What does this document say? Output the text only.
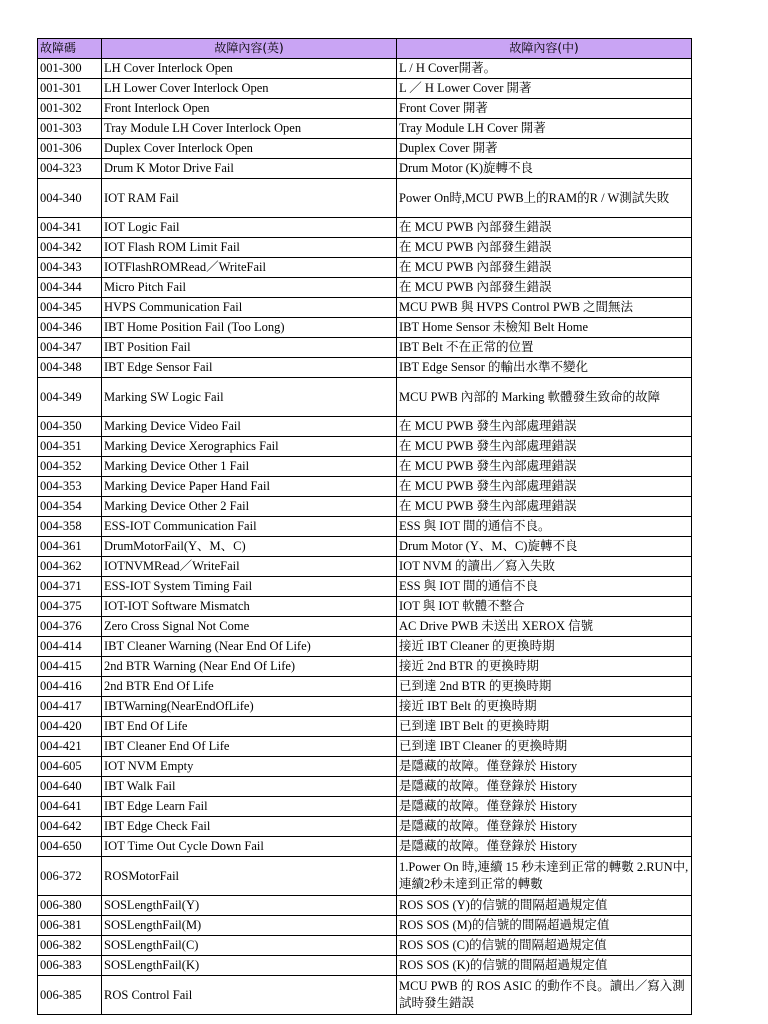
故障碼	故障內容(英)	故障內容(中)
001-300	LH Cover Interlock Open	L / H Cover開著。
001-301	LH Lower Cover Interlock Open	L ／ H Lower Cover 開著
001-302	Front Interlock Open	Front Cover 開著
001-303	Tray Module LH Cover Interlock Open	Tray Module LH Cover 開著
001-306	Duplex Cover Interlock Open	Duplex Cover 開著
004-323	Drum K Motor Drive Fail	Drum Motor (K)旋轉不良
004-340	IOT RAM Fail	Power On時,MCU PWB上的RAM的R / W測試失敗
004-341	IOT Logic Fail	在 MCU PWB 內部發生錯誤
004-342	IOT Flash ROM Limit Fail	在 MCU PWB 內部發生錯誤
004-343	IOTFlashROMRead／WriteFail	在 MCU PWB 內部發生錯誤
004-344	Micro Pitch Fail	在 MCU PWB 內部發生錯誤
004-345	HVPS Communication Fail	MCU PWB 與 HVPS Control PWB 之間無法
004-346	IBT Home Position Fail (Too Long)	IBT Home Sensor 未檢知 Belt Home
004-347	IBT Position Fail	IBT Belt 不在正常的位置
004-348	IBT Edge Sensor Fail	IBT Edge Sensor 的輸出水準不變化
004-349	Marking SW Logic Fail	MCU PWB 內部的 Marking 軟體發生致命的故障
004-350	Marking Device Video Fail	在 MCU PWB 發生內部處理錯誤
004-351	Marking Device Xerographics Fail	在 MCU PWB 發生內部處理錯誤
004-352	Marking Device Other 1 Fail	在 MCU PWB 發生內部處理錯誤
004-353	Marking Device Paper Hand Fail	在 MCU PWB 發生內部處理錯誤
004-354	Marking Device Other 2 Fail	在 MCU PWB 發生內部處理錯誤
004-358	ESS-IOT Communication Fail	ESS 與 IOT 間的通信不良。
004-361	DrumMotorFail(Y、M、C)	Drum Motor (Y、M、C)旋轉不良
004-362	IOTNVMRead／WriteFail	IOT NVM 的讀出／寫入失敗
004-371	ESS-IOT System Timing Fail	ESS 與 IOT 間的通信不良
004-375	IOT-IOT Software Mismatch	IOT 與 IOT 軟體不整合
004-376	Zero Cross Signal Not Come	AC Drive PWB 未送出 XEROX 信號
004-414	IBT Cleaner Warning (Near End Of Life)	接近 IBT Cleaner 的更換時期
004-415	2nd BTR Warning (Near End Of Life)	接近 2nd BTR 的更換時期
004-416	2nd BTR End Of Life	已到達 2nd BTR 的更換時期
004-417	IBTWarning(NearEndOfLife)	接近 IBT Belt 的更換時期
004-420	IBT End Of Life	已到達 IBT Belt 的更換時期
004-421	IBT Cleaner End Of Life	已到達 IBT Cleaner 的更換時期
004-605	IOT NVM Empty	是隱藏的故障。僅登錄於 History
004-640	IBT Walk Fail	是隱藏的故障。僅登錄於 History
004-641	IBT Edge Learn Fail	是隱藏的故障。僅登錄於 History
004-642	IBT Edge Check Fail	是隱藏的故障。僅登錄於 History
004-650	IOT Time Out Cycle Down Fail	是隱藏的故障。僅登錄於 History
006-372	ROSMotorFail	1.Power On 時,連續 15 秒未達到正常的轉數 2.RUN中,連續2秒未達到正常的轉數
006-380	SOSLengthFail(Y)	ROS SOS (Y)的信號的間隔超過規定值
006-381	SOSLengthFail(M)	ROS SOS (M)的信號的間隔超過規定值
006-382	SOSLengthFail(C)	ROS SOS (C)的信號的間隔超過規定值
006-383	SOSLengthFail(K)	ROS SOS (K)的信號的間隔超過規定值
006-385	ROS Control Fail	MCU PWB 的 ROS ASIC 的動作不良。讀出／寫入測試時發生錯誤
